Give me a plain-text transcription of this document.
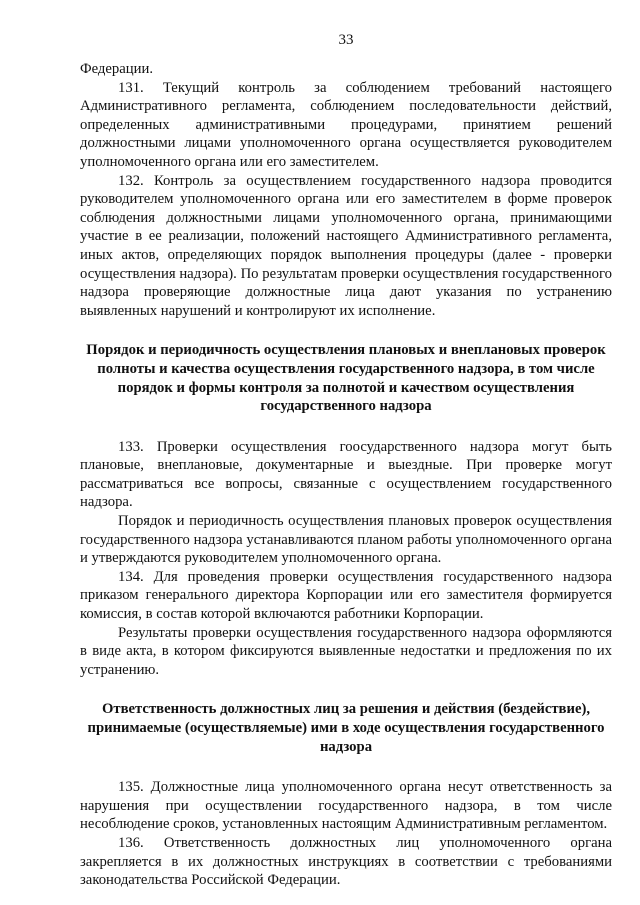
33

Федерации.

131. Текущий контроль за соблюдением требований настоящего Административного регламента, соблюдением последовательности действий, определенных административными процедурами, принятием решений должностными лицами уполномоченного органа осуществляется руководителем уполномоченного органа или его заместителем.

132. Контроль за осуществлением государственного надзора проводится руководителем уполномоченного органа или его заместителем в форме проверок соблюдения должностными лицами уполномоченного органа, принимающими участие в ее реализации, положений настоящего Административного регламента, иных актов, определяющих порядок выполнения процедуры (далее - проверки осуществления надзора). По результатам проверки осуществления государственного надзора проверяющие должностные лица дают указания по устранению выявленных нарушений и контролируют их исполнение.

Порядок и периодичность осуществления плановых и внеплановых проверок полноты и качества осуществления государственного надзора, в том числе порядок и формы контроля за полнотой и качеством осуществления государственного надзора

133. Проверки осуществления гоосударственного надзора могут быть плановые, внеплановые, документарные и выездные. При проверке могут рассматриваться все вопросы, связанные с осуществлением государственного надзора.

Порядок и периодичность осуществления плановых проверок осуществления государственного надзора устанавливаются планом работы уполномоченного органа и утверждаются руководителем уполномоченного органа.

134. Для проведения проверки осуществления государственного надзора приказом генерального директора Корпорации или его заместителя формируется комиссия, в состав которой включаются работники Корпорации.

Результаты проверки осуществления государственного надзора оформляются в виде акта, в котором фиксируются выявленные недостатки и предложения по их устранению.

Ответственность должностных лиц за решения и действия (бездействие), принимаемые (осуществляемые) ими в ходе осуществления государственного надзора

135. Должностные лица уполномоченного органа несут ответственность за нарушения при осуществлении государственного надзора, в том числе несоблюдение сроков, установленных настоящим Административным регламентом.

136. Ответственность должностных лиц уполномоченного органа закрепляется в их должностных инструкциях в соответствии с требованиями законодательства Российской Федерации.
